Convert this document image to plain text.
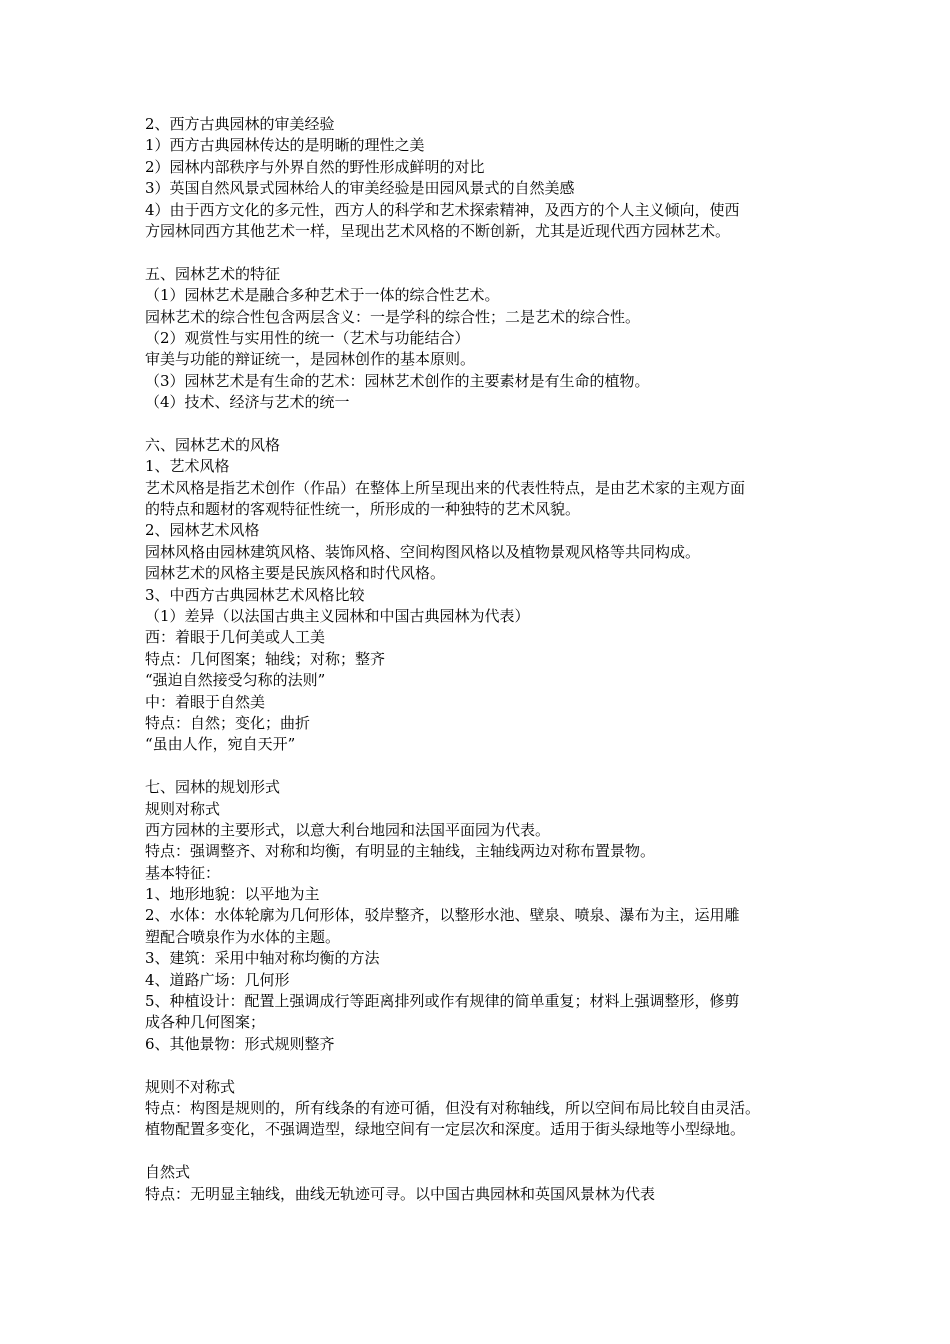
2、西方古典园林的审美经验
1）西方古典园林传达的是明晰的理性之美
2）园林内部秩序与外界自然的野性形成鲜明的对比
3）英国自然风景式园林给人的审美经验是田园风景式的自然美感
4）由于西方文化的多元性，西方人的科学和艺术探索精神，及西方的个人主义倾向，使西
方园林同西方其他艺术一样，呈现出艺术风格的不断创新，尤其是近现代西方园林艺术。
五、园林艺术的特征
（1）园林艺术是融合多种艺术于一体的综合性艺术。
园林艺术的综合性包含两层含义：一是学科的综合性；二是艺术的综合性。
（2）观赏性与实用性的统一（艺术与功能结合）
审美与功能的辩证统一，是园林创作的基本原则。
（3）园林艺术是有生命的艺术：园林艺术创作的主要素材是有生命的植物。
（4）技术、经济与艺术的统一
六、园林艺术的风格
1、艺术风格
艺术风格是指艺术创作（作品）在整体上所呈现出来的代表性特点，是由艺术家的主观方面
的特点和题材的客观特征性统一，所形成的一种独特的艺术风貌。
2、园林艺术风格
园林风格由园林建筑风格、装饰风格、空间构图风格以及植物景观风格等共同构成。
园林艺术的风格主要是民族风格和时代风格。
3、中西方古典园林艺术风格比较
（1）差异（以法国古典主义园林和中国古典园林为代表）
西：着眼于几何美或人工美
特点：几何图案；轴线；对称；整齐
“强迫自然接受匀称的法则”
中：着眼于自然美
特点：自然；变化；曲折
“虽由人作，宛自天开”
七、园林的规划形式
规则对称式
西方园林的主要形式，以意大利台地园和法国平面园为代表。
特点：强调整齐、对称和均衡，有明显的主轴线，主轴线两边对称布置景物。
基本特征：
1、地形地貌：以平地为主
2、水体：水体轮廓为几何形体，驳岸整齐，以整形水池、壁泉、喷泉、瀑布为主，运用雕
塑配合喷泉作为水体的主题。
3、建筑：采用中轴对称均衡的方法
4、道路广场：几何形
5、种植设计：配置上强调成行等距离排列或作有规律的简单重复；材料上强调整形，修剪
成各种几何图案；
6、其他景物：形式规则整齐
规则不对称式
特点：构图是规则的，所有线条的有迹可循，但没有对称轴线，所以空间布局比较自由灵活。
植物配置多变化，不强调造型，绿地空间有一定层次和深度。适用于街头绿地等小型绿地。
自然式
特点：无明显主轴线，曲线无轨迹可寻。以中国古典园林和英国风景林为代表
